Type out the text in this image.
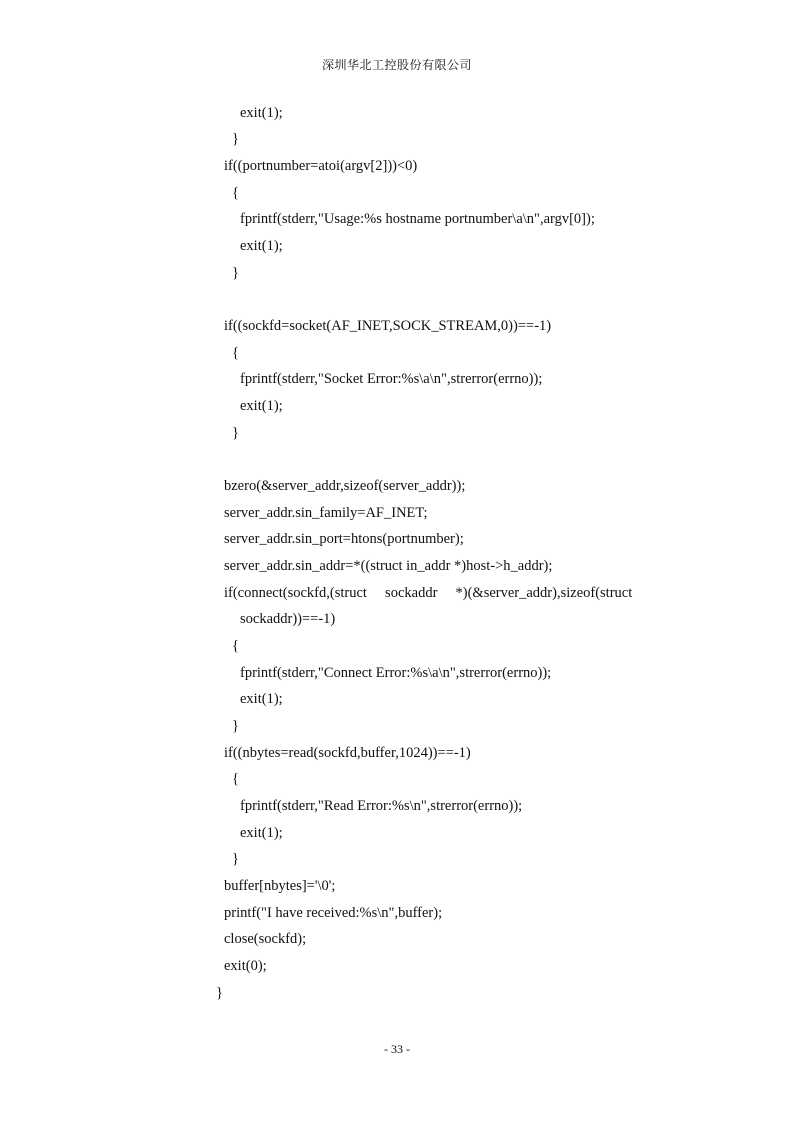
深圳华北工控股份有限公司
exit(1);
}
if((portnumber=atoi(argv[2]))<0)
{
fprintf(stderr,"Usage:%s hostname portnumber\a\n",argv[0]);
exit(1);
}
if((sockfd=socket(AF_INET,SOCK_STREAM,0))==-1)
{
fprintf(stderr,"Socket Error:%s\a\n",strerror(errno));
exit(1);
}
bzero(&server_addr,sizeof(server_addr));
server_addr.sin_family=AF_INET;
server_addr.sin_port=htons(portnumber);
server_addr.sin_addr=*((struct in_addr *)host->h_addr);
if(connect(sockfd,(struct     sockaddr     *)(&server_addr),sizeof(struct
sockaddr))==-1)
{
fprintf(stderr,"Connect Error:%s\a\n",strerror(errno));
exit(1);
}
if((nbytes=read(sockfd,buffer,1024))==-1)
{
fprintf(stderr,"Read Error:%s\n",strerror(errno));
exit(1);
}
buffer[nbytes]='\0';
printf("I have received:%s\n",buffer);
close(sockfd);
exit(0);
}
- 33 -
